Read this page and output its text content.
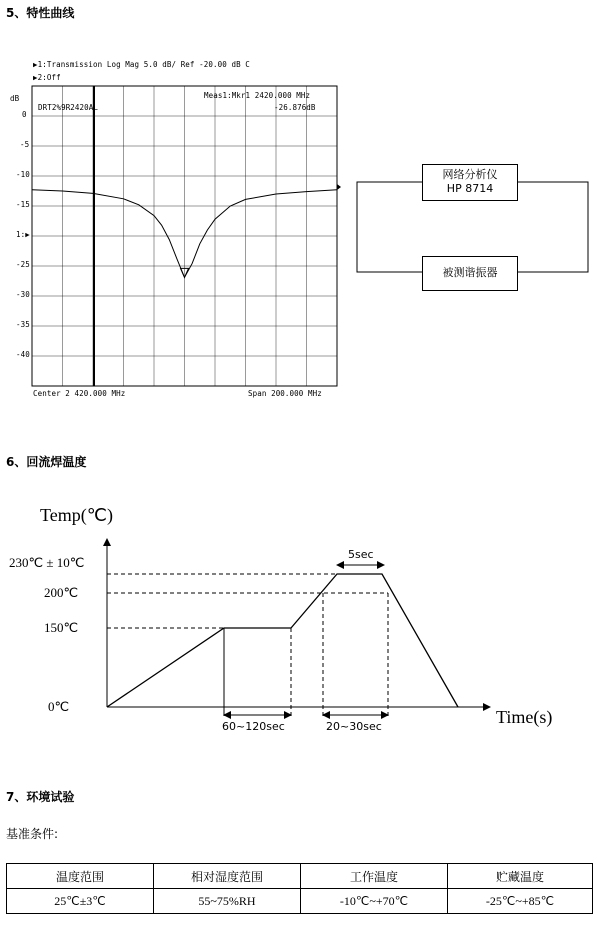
5、特性曲线
▶1:Transmission Log Mag 5.0 dB/ Ref -20.00 dB C
▶2:Off
dB
DRT2%9R2420AL
Meas1:Mkr1 2420.000 MHz
-26.876dB
0
-5
-10
-15
1:▶
-25
-30
-35
-40
Center 2 420.000 MHz	Span 200.000 MHz
网络分析仪
HP 8714
被测谐振器
6、回流焊温度
Temp(℃)
Time(s)
230℃ ± 10℃
200℃
150℃
0℃
5sec
60~120sec	20~30sec
7、环境试验
基准条件:
温度范围	相对湿度范围	工作温度	贮藏温度
25℃±3℃	55~75%RH	-10℃~+70℃	-25℃~+85℃
